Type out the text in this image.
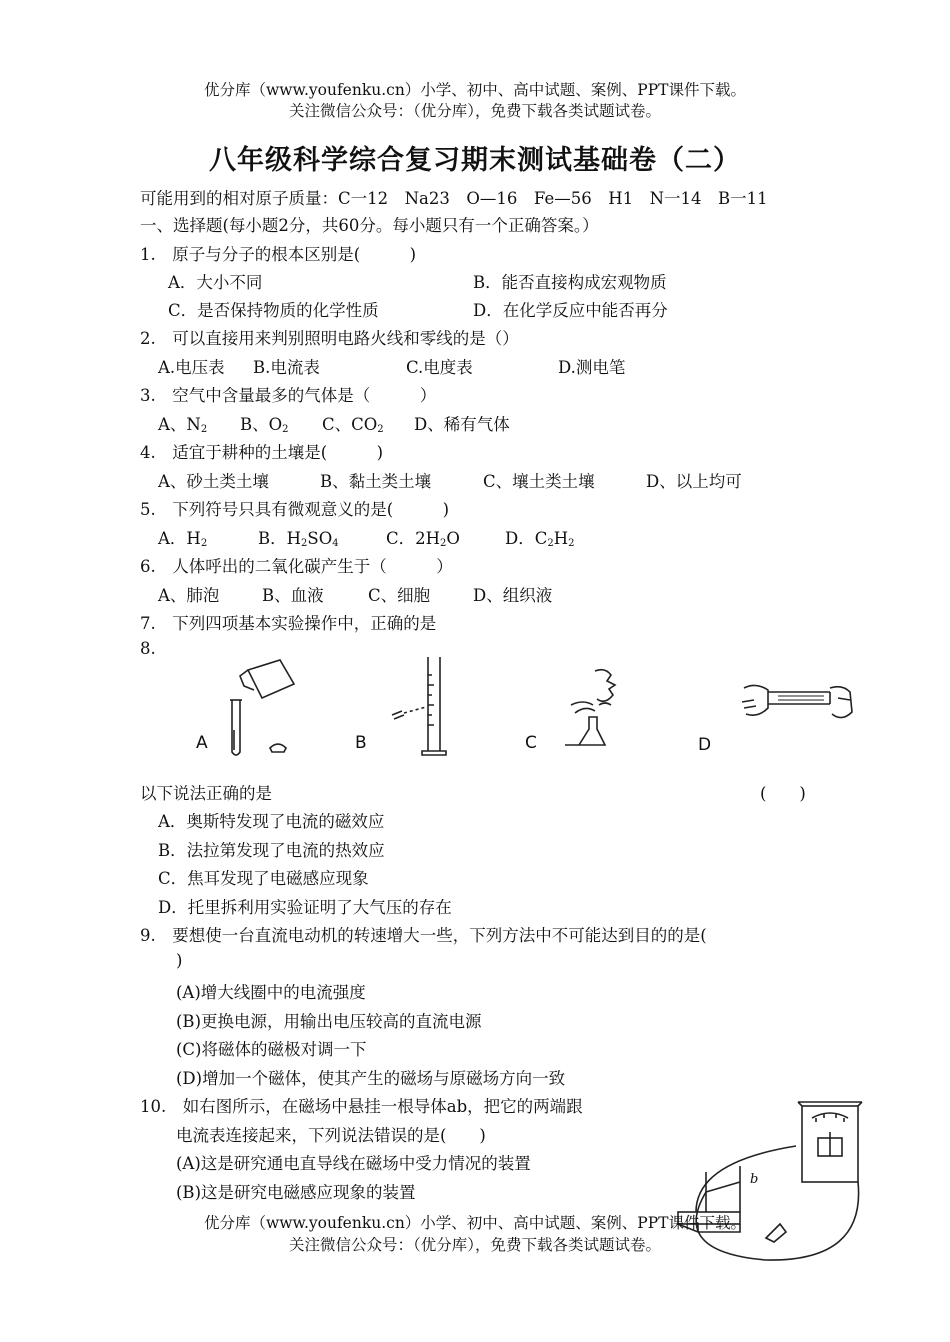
优分库（www.youfenku.cn）小学、初中、高中试题、案例、PPT课件下载。
关注微信公众号：（优分库），免费下载各类试题试卷。
八年级科学综合复习期末测试基础卷（二）
可能用到的相对原子质量：C一12　Na23　O—16　Fe—56　H1　N一14　B一11
一、选择题(每小题2分，共60分。每小题只有一个正确答案。）
1.　原子与分子的根本区别是(　　　)
A．大小不同	B．能否直接构成宏观物质
C．是否保持物质的化学性质	D．在化学反应中能否再分
2.　可以直接用来判别照明电路火线和零线的是（）
A.电压表 B.电流表	C.电度表	D.测电笔
3.　空气中含量最多的气体是（　　　）
A、$N_2$ B、$O_2$ C、$CO_2$ D、稀有气体
4.　适宜于耕种的土壤是(　　　)
A、砂土类土壤	B、黏土类土壤	C、壤土类土壤	D、以上均可
5.　下列符号只具有微观意义的是(　　　)
A．$H_2$	B．$H_2SO_4$	C．$2H_2O$	D．$C_2H_2$
6.　人体呼出的二氧化碳产生于（　　　）
A、肺泡	B、血液	C、细胞	D、组织液
7.　下列四项基本实验操作中，正确的是
8.
A	B	C	D
以下说法正确的是	(　　)
A．奥斯特发现了电流的磁效应
B．法拉第发现了电流的热效应
C．焦耳发现了电磁感应现象
D．托里拆利用实验证明了大气压的存在
9.　要想使一台直流电动机的转速增大一些，下列方法中不可能达到目的的是(
)
(A)增大线圈中的电流强度
(B)更换电源，用输出电压较高的直流电源
(C)将磁体的磁极对调一下
(D)增加一个磁体，使其产生的磁场与原磁场方向一致
10.　如右图所示，在磁场中悬挂一根导体ab，把它的两端跟
电流表连接起来，下列说法错误的是(　　)
(A)这是研究通电直导线在磁场中受力情况的装置
(B)这是研究电磁感应现象的装置
b
优分库（www.youfenku.cn）小学、初中、高中试题、案例、PPT课件下载。
关注微信公众号：（优分库），免费下载各类试题试卷。
